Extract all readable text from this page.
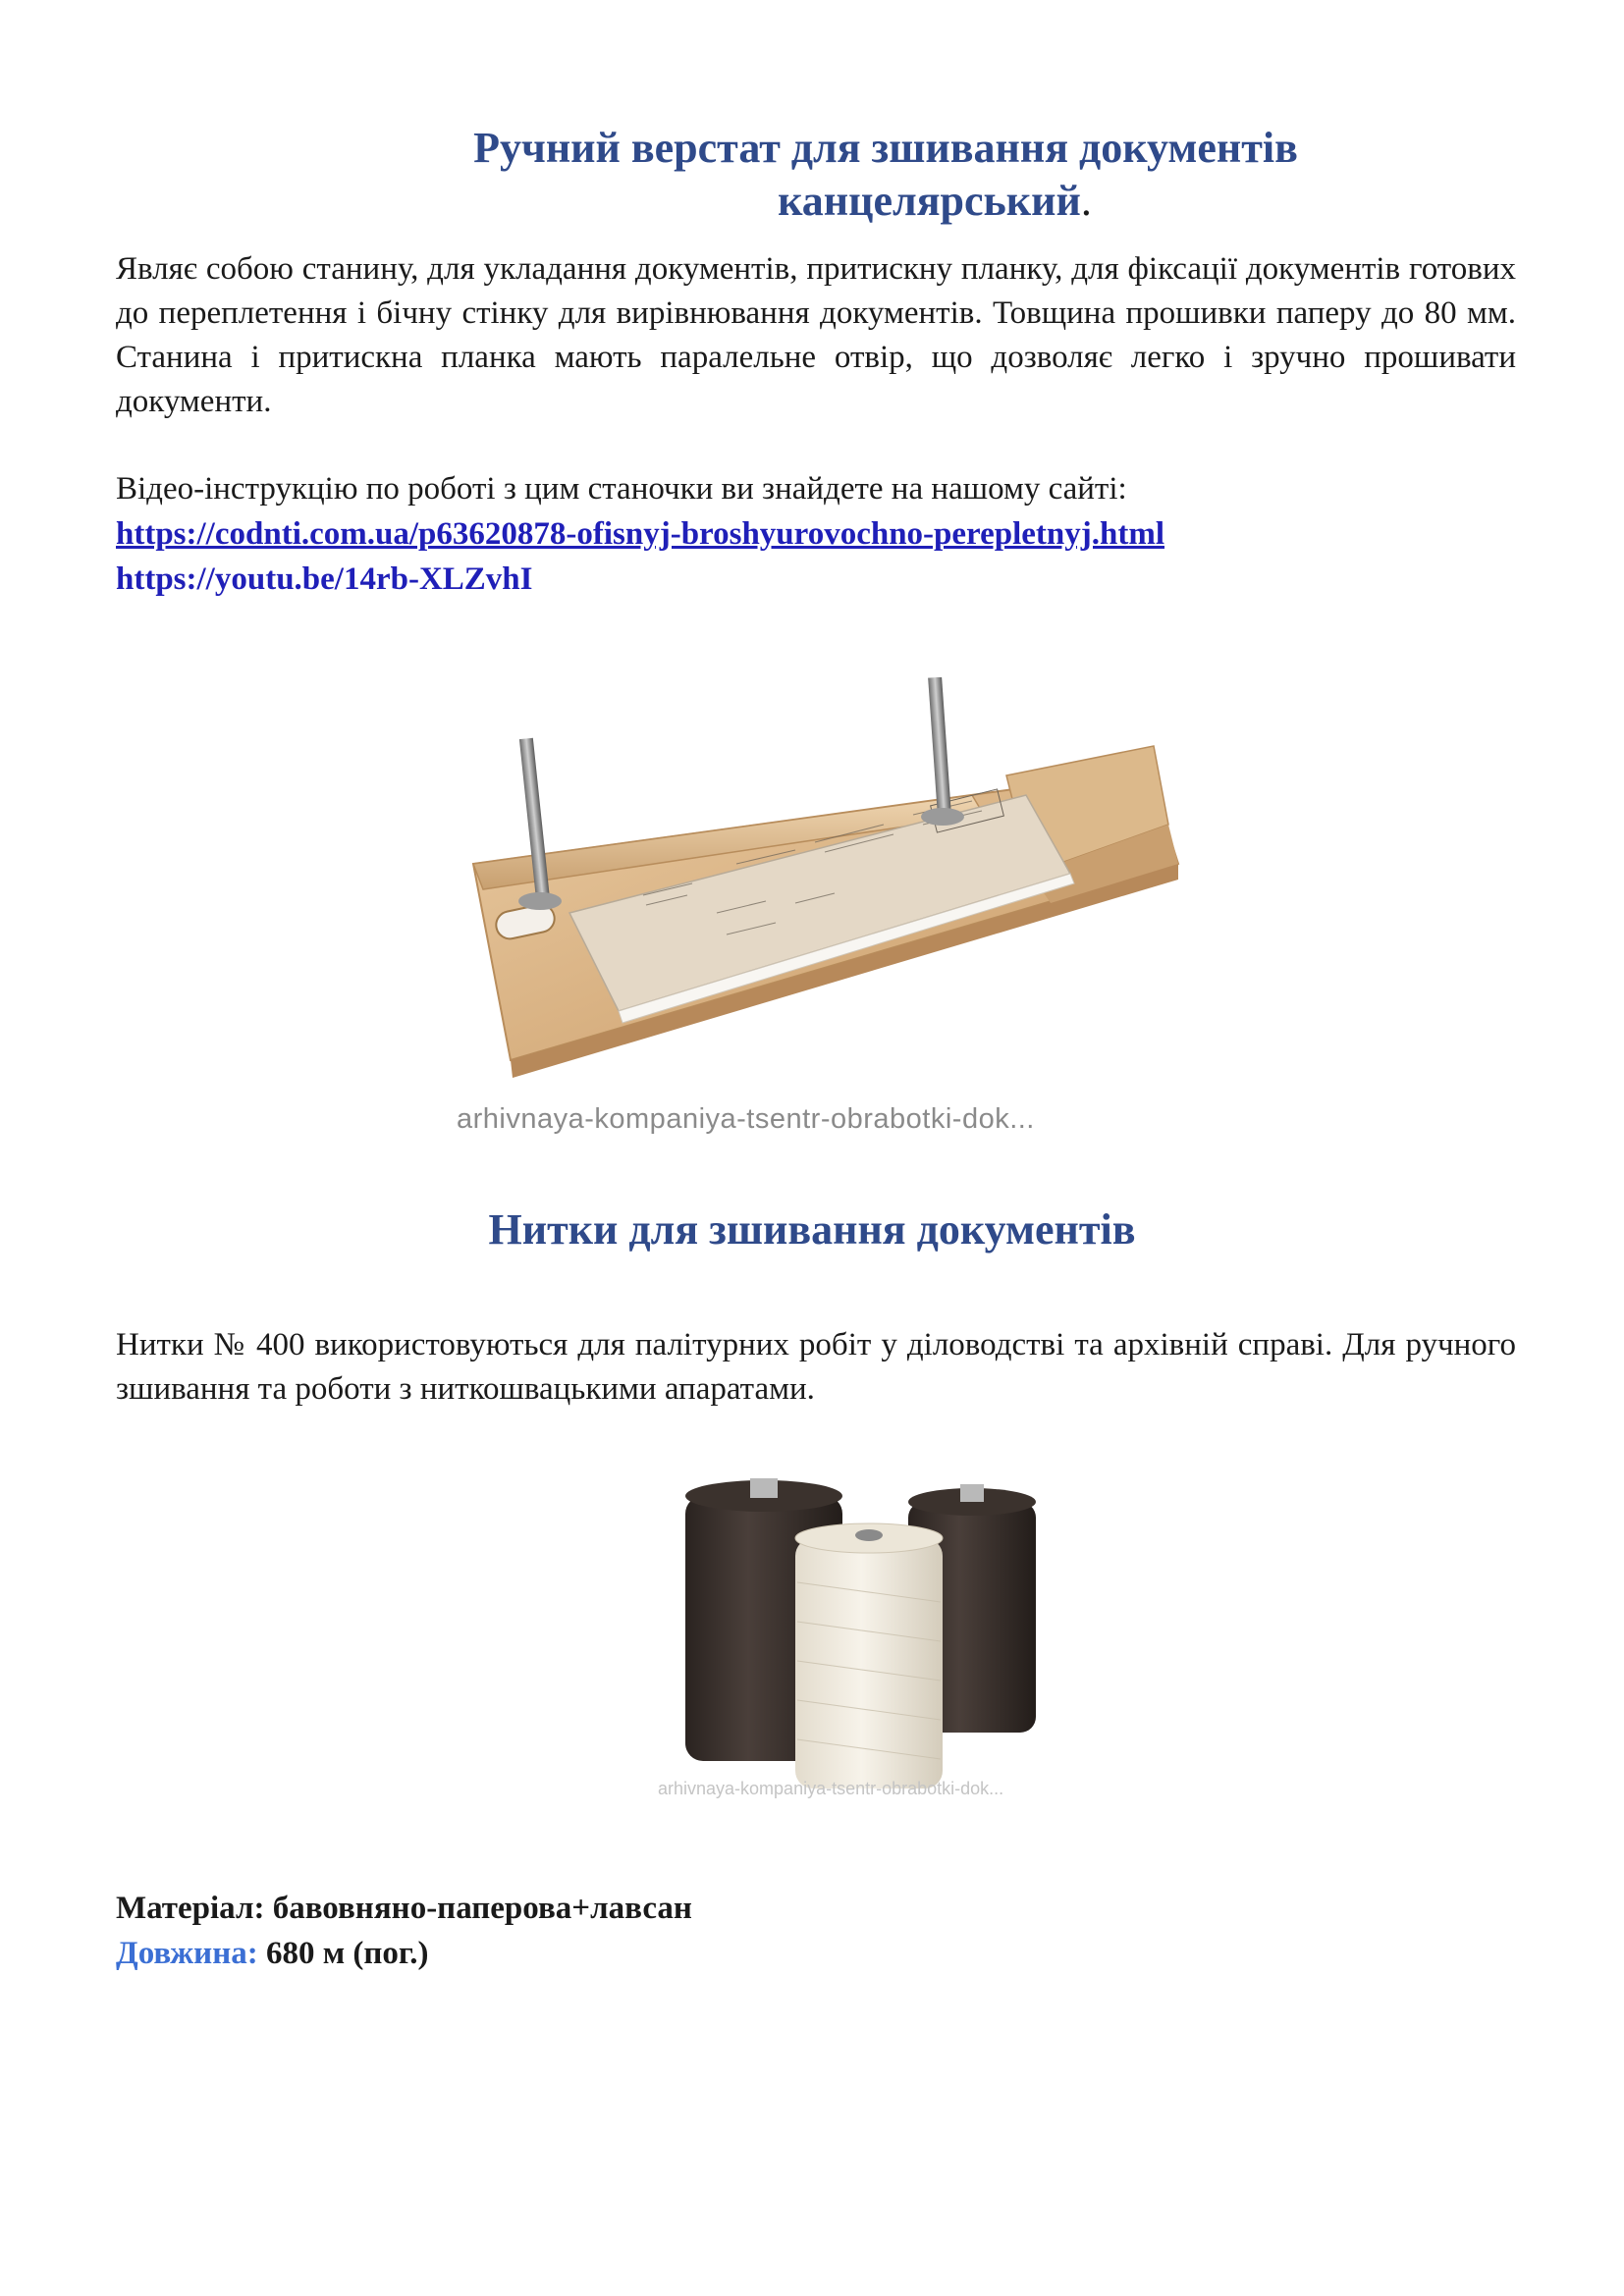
Ручний верстат для зшивання документів
канцелярський.
Являє собою станину, для укладання документів, притискну планку, для фіксації документів готових до переплетення і бічну стінку для вирівнювання документів. Товщина прошивки паперу до 80 мм. Станина і притискна планка мають паралельне отвір, що дозволяє легко і зручно прошивати документи.
Відео-інструкцію по роботі з цим станочки ви знайдете на нашому сайті:
https://codnti.com.ua/p63620878-ofisnyj-broshyurovochno-perepletnyj.html
https://youtu.be/14rb-XLZvhI
arhivnaya-kompaniya-tsentr-obrabotki-dok...
Нитки для зшивання документів
Нитки № 400 використовуються для палітурних робіт у діловодстві та архівній справі. Для ручного зшивання та роботи з ниткошвацькими апаратами.
arhivnaya-kompaniya-tsentr-obrabotki-dok...
Матеріал: бавовняно-паперова+лавсан
Довжина: 680 м (пог.)
